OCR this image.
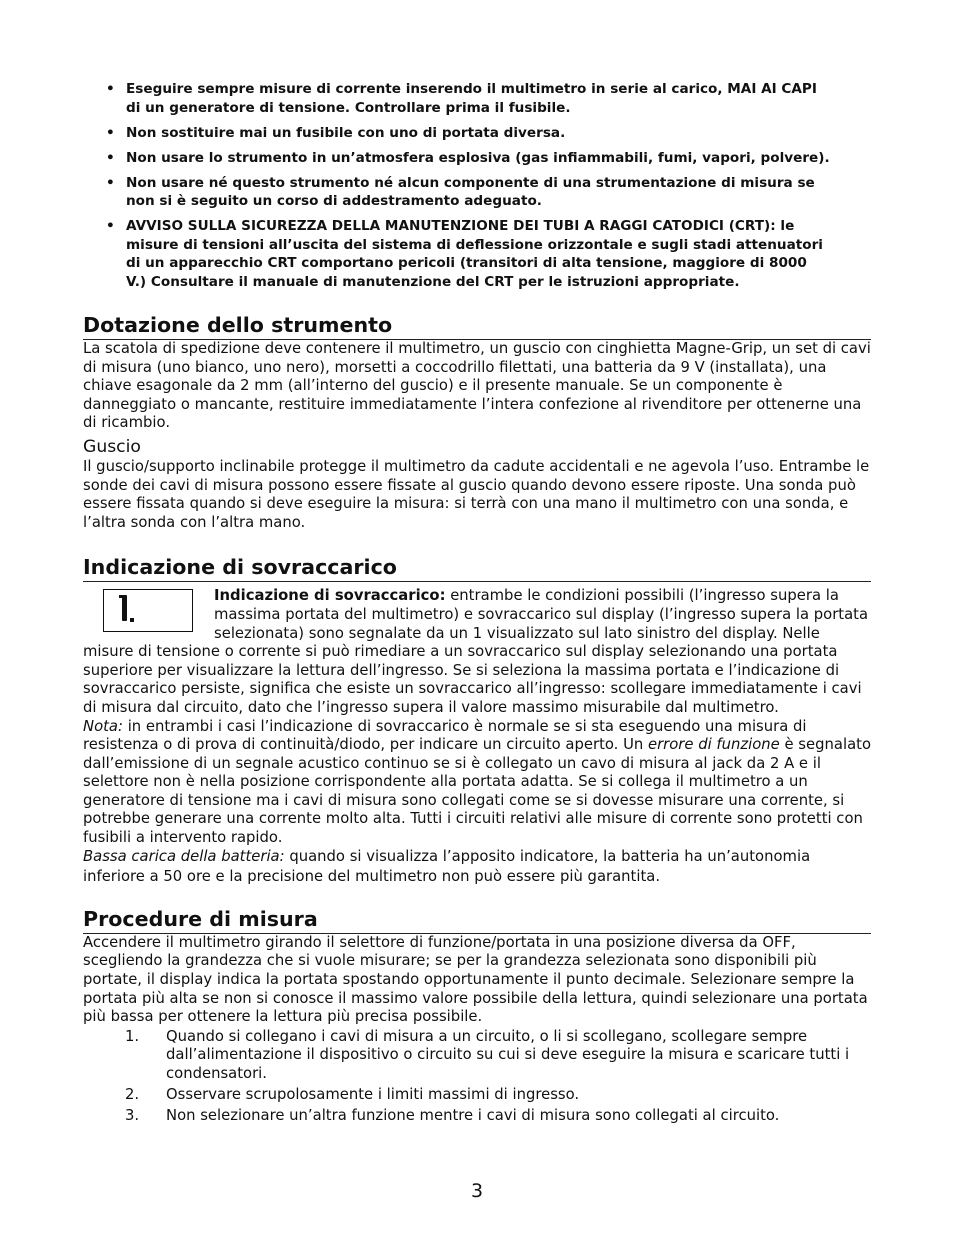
• Eseguire sempre misure di corrente inserendo il multimetro in serie al carico, MAI AI CAPI di un generatore di tensione. Controllare prima il fusibile.
• Non sostituire mai un fusibile con uno di portata diversa.
• Non usare lo strumento in un’atmosfera esplosiva (gas infiammabili, fumi, vapori, polvere).
• Non usare né questo strumento né alcun componente di una strumentazione di misura se non si è seguito un corso di addestramento adeguato.
• AVVISO SULLA SICUREZZA DELLA MANUTENZIONE DEI TUBI A RAGGI CATODICI (CRT): le misure di tensioni all’uscita del sistema di deflessione orizzontale e sugli stadi attenuatori di un apparecchio CRT comportano pericoli (transitori di alta tensione, maggiore di 8000 V.) Consultare il manuale di manutenzione del CRT per le istruzioni appropriate.
Dotazione dello strumento

La scatola di spedizione deve contenere il multimetro, un guscio con cinghietta Magne-Grip, un set di cavi di misura (uno bianco, uno nero), morsetti a coccodrillo filettati, una batteria da 9 V (installata), una chiave esagonale da 2 mm (all’interno del guscio) e il presente manuale. Se un componente è danneggiato o mancante, restituire immediatamente l’intera confezione al rivenditore per ottenerne una di ricambio.

Guscio

Il guscio/supporto inclinabile protegge il multimetro da cadute accidentali e ne agevola l’uso. Entrambe le sonde dei cavi di misura possono essere fissate al guscio quando devono essere riposte. Una sonda può essere fissata quando si deve eseguire la misura: si terrà con una mano il multimetro con una sonda, e l’altra sonda con l’altra mano.

Indicazione di sovraccarico

Indicazione di sovraccarico: entrambe le condizioni possibili (l’ingresso supera la massima portata del multimetro) e sovraccarico sul display (l’ingresso supera la portata selezionata) sono segnalate da un 1 visualizzato sul lato sinistro del display. Nelle misure di tensione o corrente si può rimediare a un sovraccarico sul display selezionando una portata superiore per visualizzare la lettura dell’ingresso. Se si seleziona la massima portata e l’indicazione di sovraccarico persiste, significa che esiste un sovraccarico all’ingresso: scollegare immediatamente i cavi di misura dal circuito, dato che l’ingresso supera il valore massimo misurabile dal multimetro.

Nota: in entrambi i casi l’indicazione di sovraccarico è normale se si sta eseguendo una misura di resistenza o di prova di continuità/diodo, per indicare un circuito aperto. Un errore di funzione è segnalato dall’emissione di un segnale acustico continuo se si è collegato un cavo di misura al jack da 2 A e il selettore non è nella posizione corrispondente alla portata adatta. Se si collega il multimetro a un generatore di tensione ma i cavi di misura sono collegati come se si dovesse misurare una corrente, si potrebbe generare una corrente molto alta. Tutti i circuiti relativi alle misure di corrente sono protetti con fusibili a intervento rapido.

Bassa carica della batteria: quando si visualizza l’apposito indicatore, la batteria ha un’autonomia

inferiore a 50 ore e la precisione del multimetro non può essere più garantita.

Procedure di misura

Accendere il multimetro girando il selettore di funzione/portata in una posizione diversa da OFF, scegliendo la grandezza che si vuole misurare; se per la grandezza selezionata sono disponibili più portate, il display indica la portata spostando opportunamente il punto decimale. Selezionare sempre la portata più alta se non si conosce il massimo valore possibile della lettura, quindi selezionare una portata più bassa per ottenere la lettura più precisa possibile.

1. Quando si collegano i cavi di misura a un circuito, o li si scollegano, scollegare sempre dall’alimentazione il dispositivo o circuito su cui si deve eseguire la misura e scaricare tutti i condensatori.
2. Osservare scrupolosamente i limiti massimi di ingresso.
3. Non selezionare un’altra funzione mentre i cavi di misura sono collegati al circuito.
3
